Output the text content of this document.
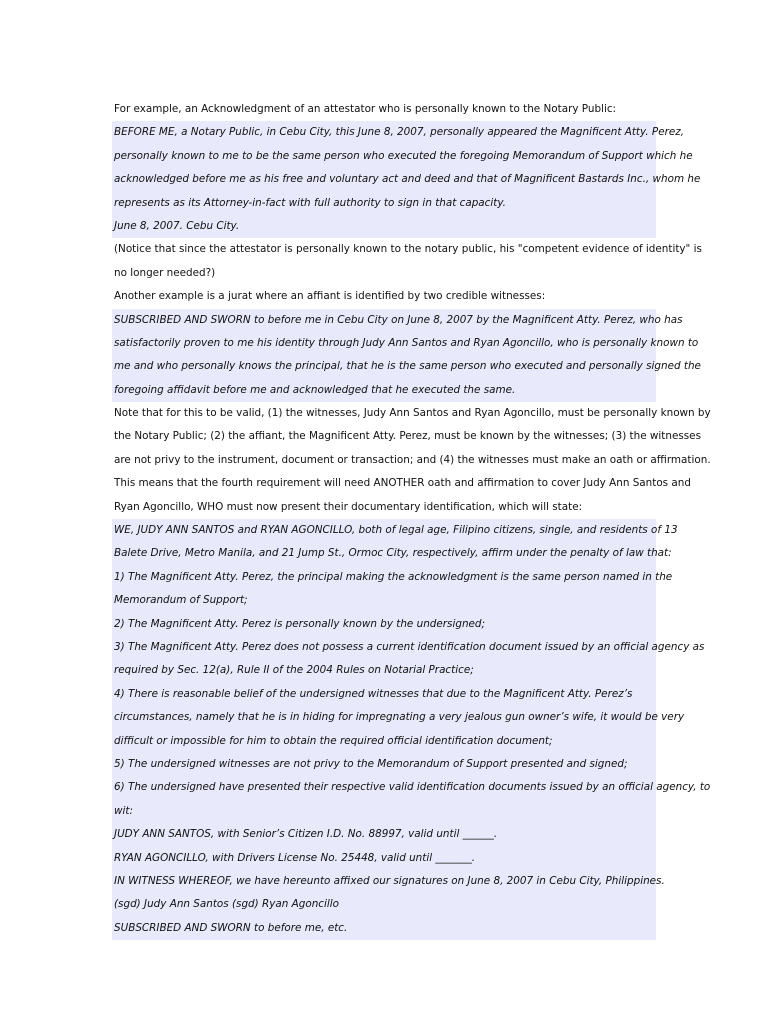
For example, an Acknowledgment of an attestator who is personally known to the Notary Public:
BEFORE ME, a Notary Public, in Cebu City, this June 8, 2007, personally appeared the Magnificent Atty. Perez,
personally known to me to be the same person who executed the foregoing Memorandum of Support which he
acknowledged before me as his free and voluntary act and deed and that of Magnificent Bastards Inc., whom he
represents as its Attorney-in-fact with full authority to sign in that capacity.
June 8, 2007. Cebu City.
(Notice that since the attestator is personally known to the notary public, his "competent evidence of identity" is
no longer needed?)
Another example is a jurat where an affiant is identified by two credible witnesses:
SUBSCRIBED AND SWORN to before me in Cebu City on June 8, 2007 by the Magnificent Atty. Perez, who has
satisfactorily proven to me his identity through Judy Ann Santos and Ryan Agoncillo, who is personally known to
me and who personally knows the principal, that he is the same person who executed and personally signed the
foregoing affidavit before me and acknowledged that he executed the same.
Note that for this to be valid, (1) the witnesses, Judy Ann Santos and Ryan Agoncillo, must be personally known by
the Notary Public; (2) the affiant, the Magnificent Atty. Perez, must be known by the witnesses; (3) the witnesses
are not privy to the instrument, document or transaction; and (4) the witnesses must make an oath or affirmation.
This means that the fourth requirement will need ANOTHER oath and affirmation to cover Judy Ann Santos and
Ryan Agoncillo, WHO must now present their documentary identification, which will state:
WE, JUDY ANN SANTOS and RYAN AGONCILLO, both of legal age, Filipino citizens, single, and residents of 13
Balete Drive, Metro Manila, and 21 Jump St., Ormoc City, respectively, affirm under the penalty of law that:
1) The Magnificent Atty. Perez, the principal making the acknowledgment is the same person named in the
Memorandum of Support;
2) The Magnificent Atty. Perez is personally known by the undersigned;
3) The Magnificent Atty. Perez does not possess a current identification document issued by an official agency as
required by Sec. 12(a), Rule II of the 2004 Rules on Notarial Practice;
4) There is reasonable belief of the undersigned witnesses that due to the Magnificent Atty. Perez’s
circumstances, namely that he is in hiding for impregnating a very jealous gun owner’s wife, it would be very
difficult or impossible for him to obtain the required official identification document;
5) The undersigned witnesses are not privy to the Memorandum of Support presented and signed;
6) The undersigned have presented their respective valid identification documents issued by an official agency, to
wit:
JUDY ANN SANTOS, with Senior’s Citizen I.D. No. 88997, valid until ______.
RYAN AGONCILLO, with Drivers License No. 25448, valid until _______.
IN WITNESS WHEREOF, we have hereunto affixed our signatures on June 8, 2007 in Cebu City, Philippines.
(sgd) Judy Ann Santos (sgd) Ryan Agoncillo
SUBSCRIBED AND SWORN to before me, etc.
